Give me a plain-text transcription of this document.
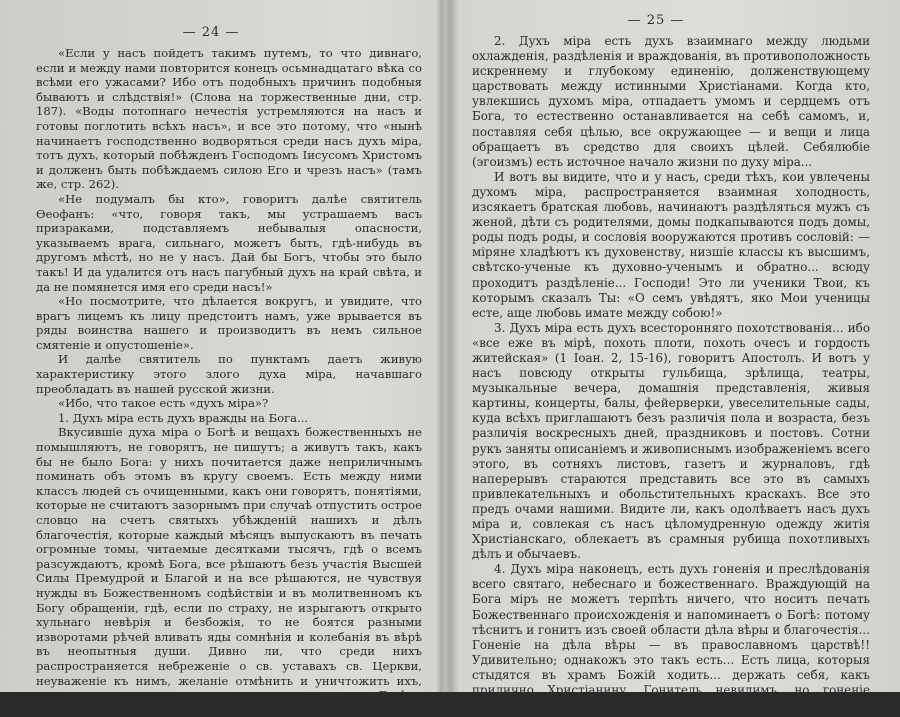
— 24 —

«Если у насъ пойдетъ такимъ путемъ, то что дивнаго, если и между нами повторится конецъ осьмнадцатаго вѣка со всѣми его ужасами? Ибо отъ подобныхъ причинъ подобныя бываютъ и слѣдствія!» (Слова на торжественные дни, стр. 187). «Воды потопнаго нечестія устремляются на насъ и готовы поглотить всѣхъ насъ», и все это потому, что «нынѣ начинаетъ господственно водворяться среди насъ духъ міра, тотъ духъ, который побѣжденъ Господомъ Іисусомъ Христомъ и долженъ быть побѣждаемъ силою Его и чрезъ насъ» (тамъ же, стр. 262).

«Не подумалъ бы кто», говоритъ далѣе святитель Ѳеофанъ: «что, говоря такъ, мы устрашаемъ васъ призраками, подставляемъ небывалыя опасности, указываемъ врага, сильнаго, можетъ быть, гдѣ-нибудь въ другомъ мѣстѣ, но не у насъ. Дай бы Богъ, чтобы это было такъ! И да удалится отъ насъ пагубный духъ на край свѣта, и да не помянется имя его среди насъ!»

«Но посмотрите, что дѣлается вокругъ, и увидите, что врагъ лицемъ къ лицу предстоитъ намъ, уже врывается въ ряды воинства нашего и производитъ въ немъ сильное смятеніе и опустошеніе».

И далѣе святитель по пунктамъ даетъ живую характеристику этого злого духа міра, начавшаго преобладать въ нашей русской жизни.

«Ибо, что такое есть «духъ міра»?

1. Духъ міра есть духъ вражды на Бога...

Вкусившіе духа міра о Богѣ и вещахъ божественныхъ не помышляютъ, не говорятъ, не пишутъ; а живутъ такъ, какъ бы не было Бога: у нихъ почитается даже неприличнымъ поминать объ этомъ въ кругу своемъ. Есть между ними классъ людей съ очищенными, какъ они говорятъ, понятіями, которые не считаютъ зазорнымъ при случаѣ отпустить острое словцо на счетъ святыхъ убѣжденій нашихъ и дѣлъ благочестія, которые каждый мѣсяцъ выпускаютъ въ печать огромные томы, читаемые десятками тысячъ, гдѣ о всемъ разсуждаютъ, кромѣ Бога, все рѣшаютъ безъ участія Высшей Силы Премудрой и Благой и на все рѣшаются, не чувствуя нужды въ Божественномъ содѣйствіи и въ молитвенномъ къ Богу обращеніи, гдѣ, если по страху, не изрыгаютъ открыто хульнаго невѣрія и безбожія, то не боятся разными изворотами рѣчей вливать яды сомнѣнія и колебанія въ вѣрѣ въ неопытныя души. Дивно ли, что среди нихъ распространяется небреженіе о св. уставахъ св. Церкви, неуваженіе къ нимъ, желаніе отмѣнить и уничтожить ихъ, потому только, что они такъ сильно возвышаютъ о Богѣ и будущей жизни...

— 25 —

2. Духъ міра есть духъ взаимнаго между людьми охлажденія, раздѣленія и враждованія, въ противоположность искреннему и глубокому единенію, долженствующему царствовать между истинными Христіанами. Когда кто, увлекшись духомъ міра, отпадаетъ умомъ и сердцемъ отъ Бога, то естественно останавливается на себѣ самомъ, и, поставляя себя цѣлью, все окружающее — и вещи и лица обращаетъ въ средство для своихъ цѣлей. Себялюбіе (эгоизмъ) есть источное начало жизни по духу міра...

И вотъ вы видите, что и у насъ, среди тѣхъ, кои увлечены духомъ міра, распространяется взаимная холодность, изсякаетъ братская любовь, начинаютъ раздѣляться мужъ съ женой, дѣти съ родителями, домы подкапываются подъ домы, роды подъ роды, и сословія вооружаются противъ сословій: — міряне хладѣютъ къ духовенству, низшіе классы къ высшимъ, свѣтско-ученые къ духовно-ученымъ и обратно... всюду проходитъ раздѣленіе... Господи! Это ли ученики Твои, къ которымъ сказалъ Ты: «О семъ увѣдятъ, яко Мои ученицы есте, аще любовь имате между собою!»

3. Духъ міра есть духъ всесторонняго похотствованія... ибо «все еже въ мірѣ, похоть плоти, похоть очесъ и гордость житейская» (1 Іоан. 2, 15-16), говоритъ Апостолъ. И вотъ у насъ повсюду открыты гульбища, зрѣлища, театры, музыкальные вечера, домашнія представленія, живыя картины, концерты, балы, фейерверки, увеселительные сады, куда всѣхъ приглашаютъ безъ различія пола и возраста, безъ различія воскресныхъ дней, праздниковъ и постовъ. Сотни рукъ заняты описаніемъ и живописнымъ изображеніемъ всего этого, въ сотняхъ листовъ, газетъ и журналовъ, гдѣ наперерывъ стараются представить все это въ самыхъ привлекательныхъ и обольстительныхъ краскахъ. Все это предъ очами нашими. Видите ли, какъ одолѣваетъ насъ духъ міра и, совлекая съ насъ цѣломудренную одежду житія Христіанскаго, облекаетъ въ срамныя рубища похотливыхъ дѣлъ и обычаевъ.

4. Духъ міра наконецъ, есть духъ гоненія и преслѣдованія всего святаго, небеснаго и божественнаго. Враждующій на Бога міръ не можетъ терпѣть ничего, что носитъ печать Божественнаго происхожденія и напоминаетъ о Богѣ: потому тѣснитъ и гонитъ изъ своей области дѣла вѣры и благочестія... Гоненіе на дѣла вѣры — въ православномъ царствѣ!! Удивительно; однакожъ это такъ есть... Есть лица, которыя стыдятся въ храмъ Божій ходить... держать себя, какъ прилично Христіанину. Гонитель невидимъ, но гоненіе видимо, и всѣми испытывается. И вотъ
